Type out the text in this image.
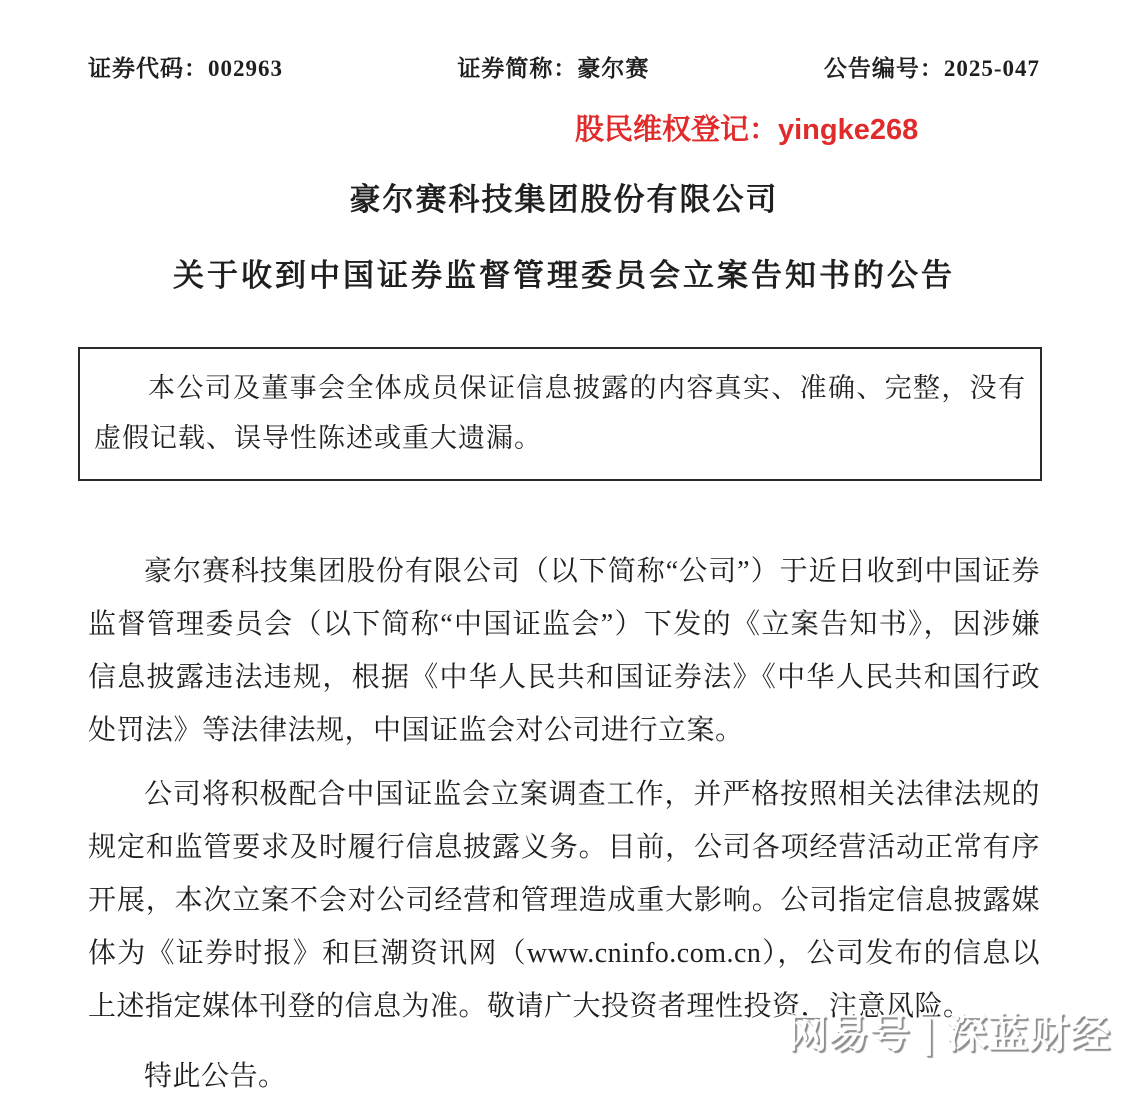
证券代码：002963	证券简称：豪尔赛	公告编号：2025-047
股民维权登记：yingke268
豪尔赛科技集团股份有限公司
关于收到中国证券监督管理委员会立案告知书的公告

本公司及董事会全体成员保证信息披露的内容真实、准确、完整，没有虚假记载、误导性陈述或重大遗漏。

豪尔赛科技集团股份有限公司（以下简称“公司”）于近日收到中国证券监督管理委员会（以下简称“中国证监会”）下发的《立案告知书》，因涉嫌信息披露违法违规，根据《中华人民共和国证券法》《中华人民共和国行政处罚法》等法律法规，中国证监会对公司进行立案。

公司将积极配合中国证监会立案调查工作，并严格按照相关法律法规的规定和监管要求及时履行信息披露义务。目前，公司各项经营活动正常有序开展，本次立案不会对公司经营和管理造成重大影响。公司指定信息披露媒体为《证券时报》和巨潮资讯网（www.cninfo.com.cn），公司发布的信息以上述指定媒体刊登的信息为准。敬请广大投资者理性投资，注意风险。

特此公告。

网易号 | 深蓝财经
